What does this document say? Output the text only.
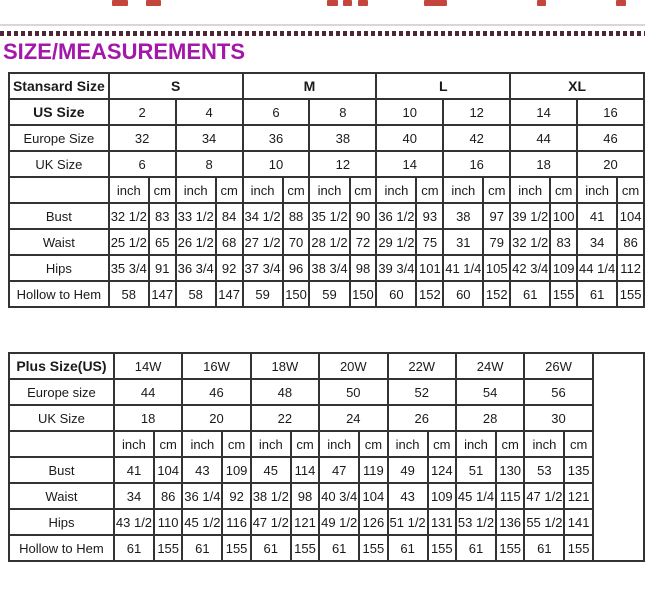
SIZE/MEASUREMENTS
Stansard Size	S				M				L				XL			
US Size	2		4		6		8		10		12		14		16	
Europe Size	32		34		36		38		40		42		44		46	
UK Size	6		8		10		12		14		16		18		20	
	inch	cm	inch	cm	inch	cm	inch	cm	inch	cm	inch	cm	inch	cm	inch	cm
Bust	32 1/2	83	33 1/2	84	34 1/2	88	35 1/2	90	36 1/2	93	38	97	39 1/2	100	41	104
Waist	25 1/2	65	26 1/2	68	27 1/2	70	28 1/2	72	29 1/2	75	31	79	32 1/2	83	34	86
Hips	35 3/4	91	36 3/4	92	37 3/4	96	38 3/4	98	39 3/4	101	41 1/4	105	42 3/4	109	44 1/4	112
Hollow to Hem	58	147	58	147	59	150	59	150	60	152	60	152	61	155	61	155
Plus Size(US)	14W		16W		18W		20W		22W		24W		26W		
Europe size	44		46		48		50		52		54		56		
UK Size	18		20		22		24		26		28		30		
	inch	cm	inch	cm	inch	cm	inch	cm	inch	cm	inch	cm	inch	cm	
Bust	41	104	43	109	45	114	47	119	49	124	51	130	53	135	
Waist	34	86	36 1/4	92	38 1/2	98	40 3/4	104	43	109	45 1/4	115	47 1/2	121	
Hips	43 1/2	110	45 1/2	116	47 1/2	121	49 1/2	126	51 1/2	131	53 1/2	136	55 1/2	141	
Hollow to Hem	61	155	61	155	61	155	61	155	61	155	61	155	61	155	
